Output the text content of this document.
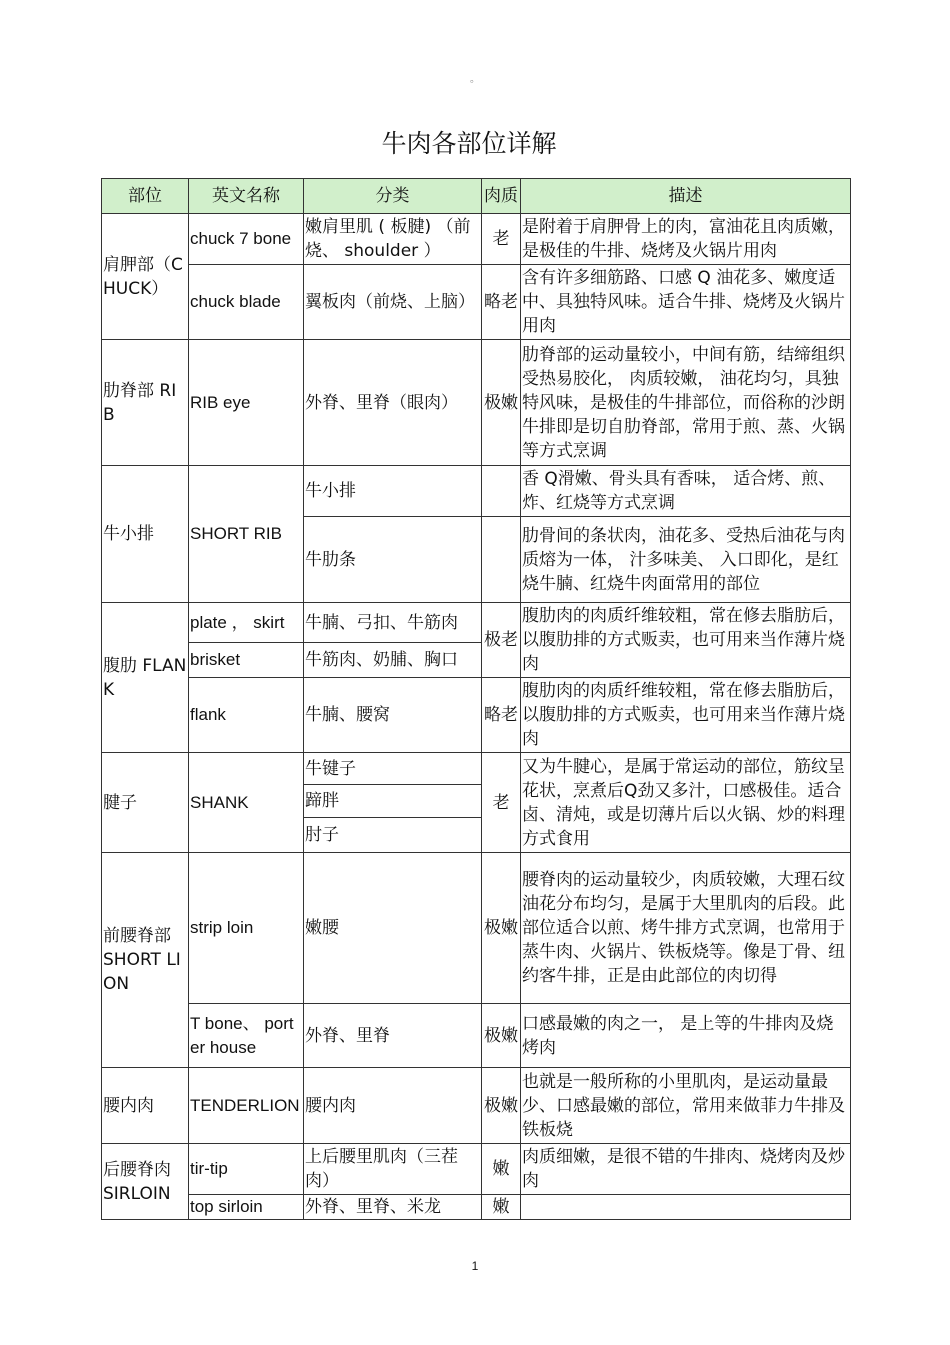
。
牛肉各部位详解
部位	英文名称	分类	肉质	描述
肩胛部（CHUCK）	chuck 7 bone	嫩肩里肌 ( 板腱) （前烧、 shoulder ）	老	是附着于肩胛骨上的肉，富油花且肉质嫩，是极佳的牛排、烧烤及火锅片用肉
	chuck blade	翼板肉（前烧、上脑）	略老	含有许多细筋路、口感 Q 油花多、嫩度适中、具独特风味。适合牛排、烧烤及火锅片用肉
肋脊部 RIB	RIB eye	外脊、里脊（眼肉）	极嫩	肋脊部的运动量较小，中间有筋，结缔组织受热易胶化， 肉质较嫩， 油花均匀，具独特风味，是极佳的牛排部位，而俗称的沙朗牛排即是切自肋脊部，常用于煎、蒸、火锅等方式烹调
牛小排	SHORT RIB	牛小排		香 Q滑嫩、骨头具有香味， 适合烤、煎、炸、红烧等方式烹调
		牛肋条		肋骨间的条状肉，油花多、受热后油花与肉质熔为一体， 汁多味美、 入口即化，是红烧牛腩、红烧牛肉面常用的部位
腹肋 FLANK	plate ， skirt	牛腩、弓扣、牛筋肉	极老	腹肋肉的肉质纤维较粗，常在修去脂肪后，以腹肋排的方式贩卖，也可用来当作薄片烧肉
	brisket	牛筋肉、奶脯、胸口		
	flank	牛腩、腰窝	略老	腹肋肉的肉质纤维较粗，常在修去脂肪后，以腹肋排的方式贩卖，也可用来当作薄片烧肉
腱子	SHANK	牛键子	老	又为牛腱心，是属于常运动的部位，筋纹呈花状，烹煮后Q劲又多汁，口感极佳。适合卤、清炖，或是切薄片后以火锅、炒的料理方式食用
		蹄胖		
		肘子		
前腰脊部 SHORT LION	strip loin	嫩腰	极嫩	腰脊肉的运动量较少，肉质较嫩，大理石纹油花分布均匀，是属于大里肌肉的后段。此部位适合以煎、烤牛排方式烹调，也常用于蒸牛肉、火锅片、铁板烧等。像是丁骨、纽约客牛排，正是由此部位的肉切得
	T bone、 porter house	外脊、里脊	极嫩	口感最嫩的肉之一， 是上等的牛排肉及烧烤肉
腰内肉	TENDERLION	腰内肉	极嫩	也就是一般所称的小里肌肉，是运动量最少、口感最嫩的部位，常用来做菲力牛排及铁板烧
后腰脊肉 SIRLOIN	tir-tip	上后腰里肌肉（三茬肉）	嫩	肉质细嫩，是很不错的牛排肉、烧烤肉及炒肉
	top sirloin	外脊、里脊、米龙	嫩	
1
